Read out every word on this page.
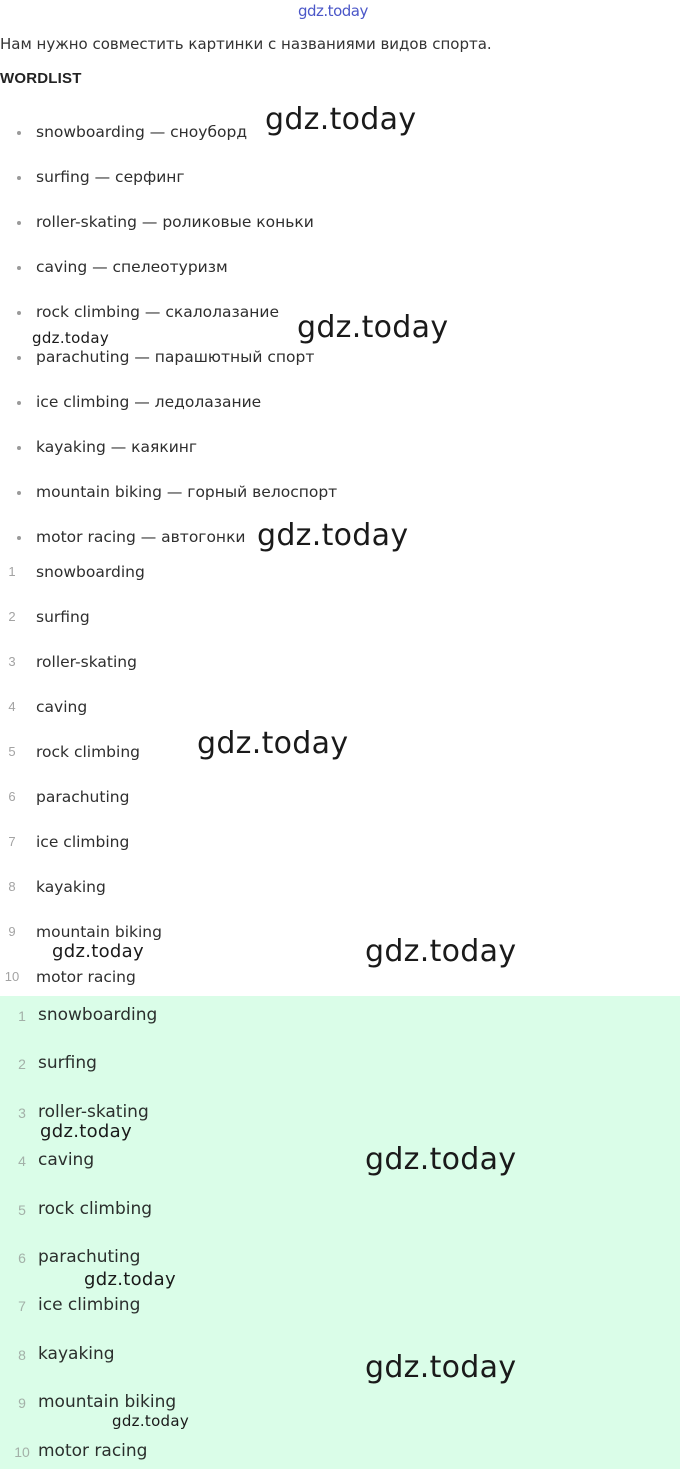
gdz.today
Нам нужно совместить картинки с названиями видов спорта.
WORDLIST
snowboarding — сноуборд
surfing — серфинг
roller-skating — роликовые коньки
caving — спелеотуризм
rock climbing — скалолазание
parachuting — парашютный спорт
ice climbing — ледолазание
kayaking — каякинг
mountain biking — горный велоспорт
motor racing — автогонки
1	snowboarding
2	surfing
3	roller-skating
4	caving
5	rock climbing
6	parachuting
7	ice climbing
8	kayaking
9	mountain biking
10	motor racing
1 snowboarding
2 surfing
3 roller-skating
4 caving
5 rock climbing
6 parachuting
7 ice climbing
8 kayaking
9 mountain biking
10 motor racing
gdz.today
gdz.today
gdz.today
gdz.today
gdz.today
gdz.today	gdz.today
gdz.today
gdz.today
gdz.today
gdz.today
gdz.today
